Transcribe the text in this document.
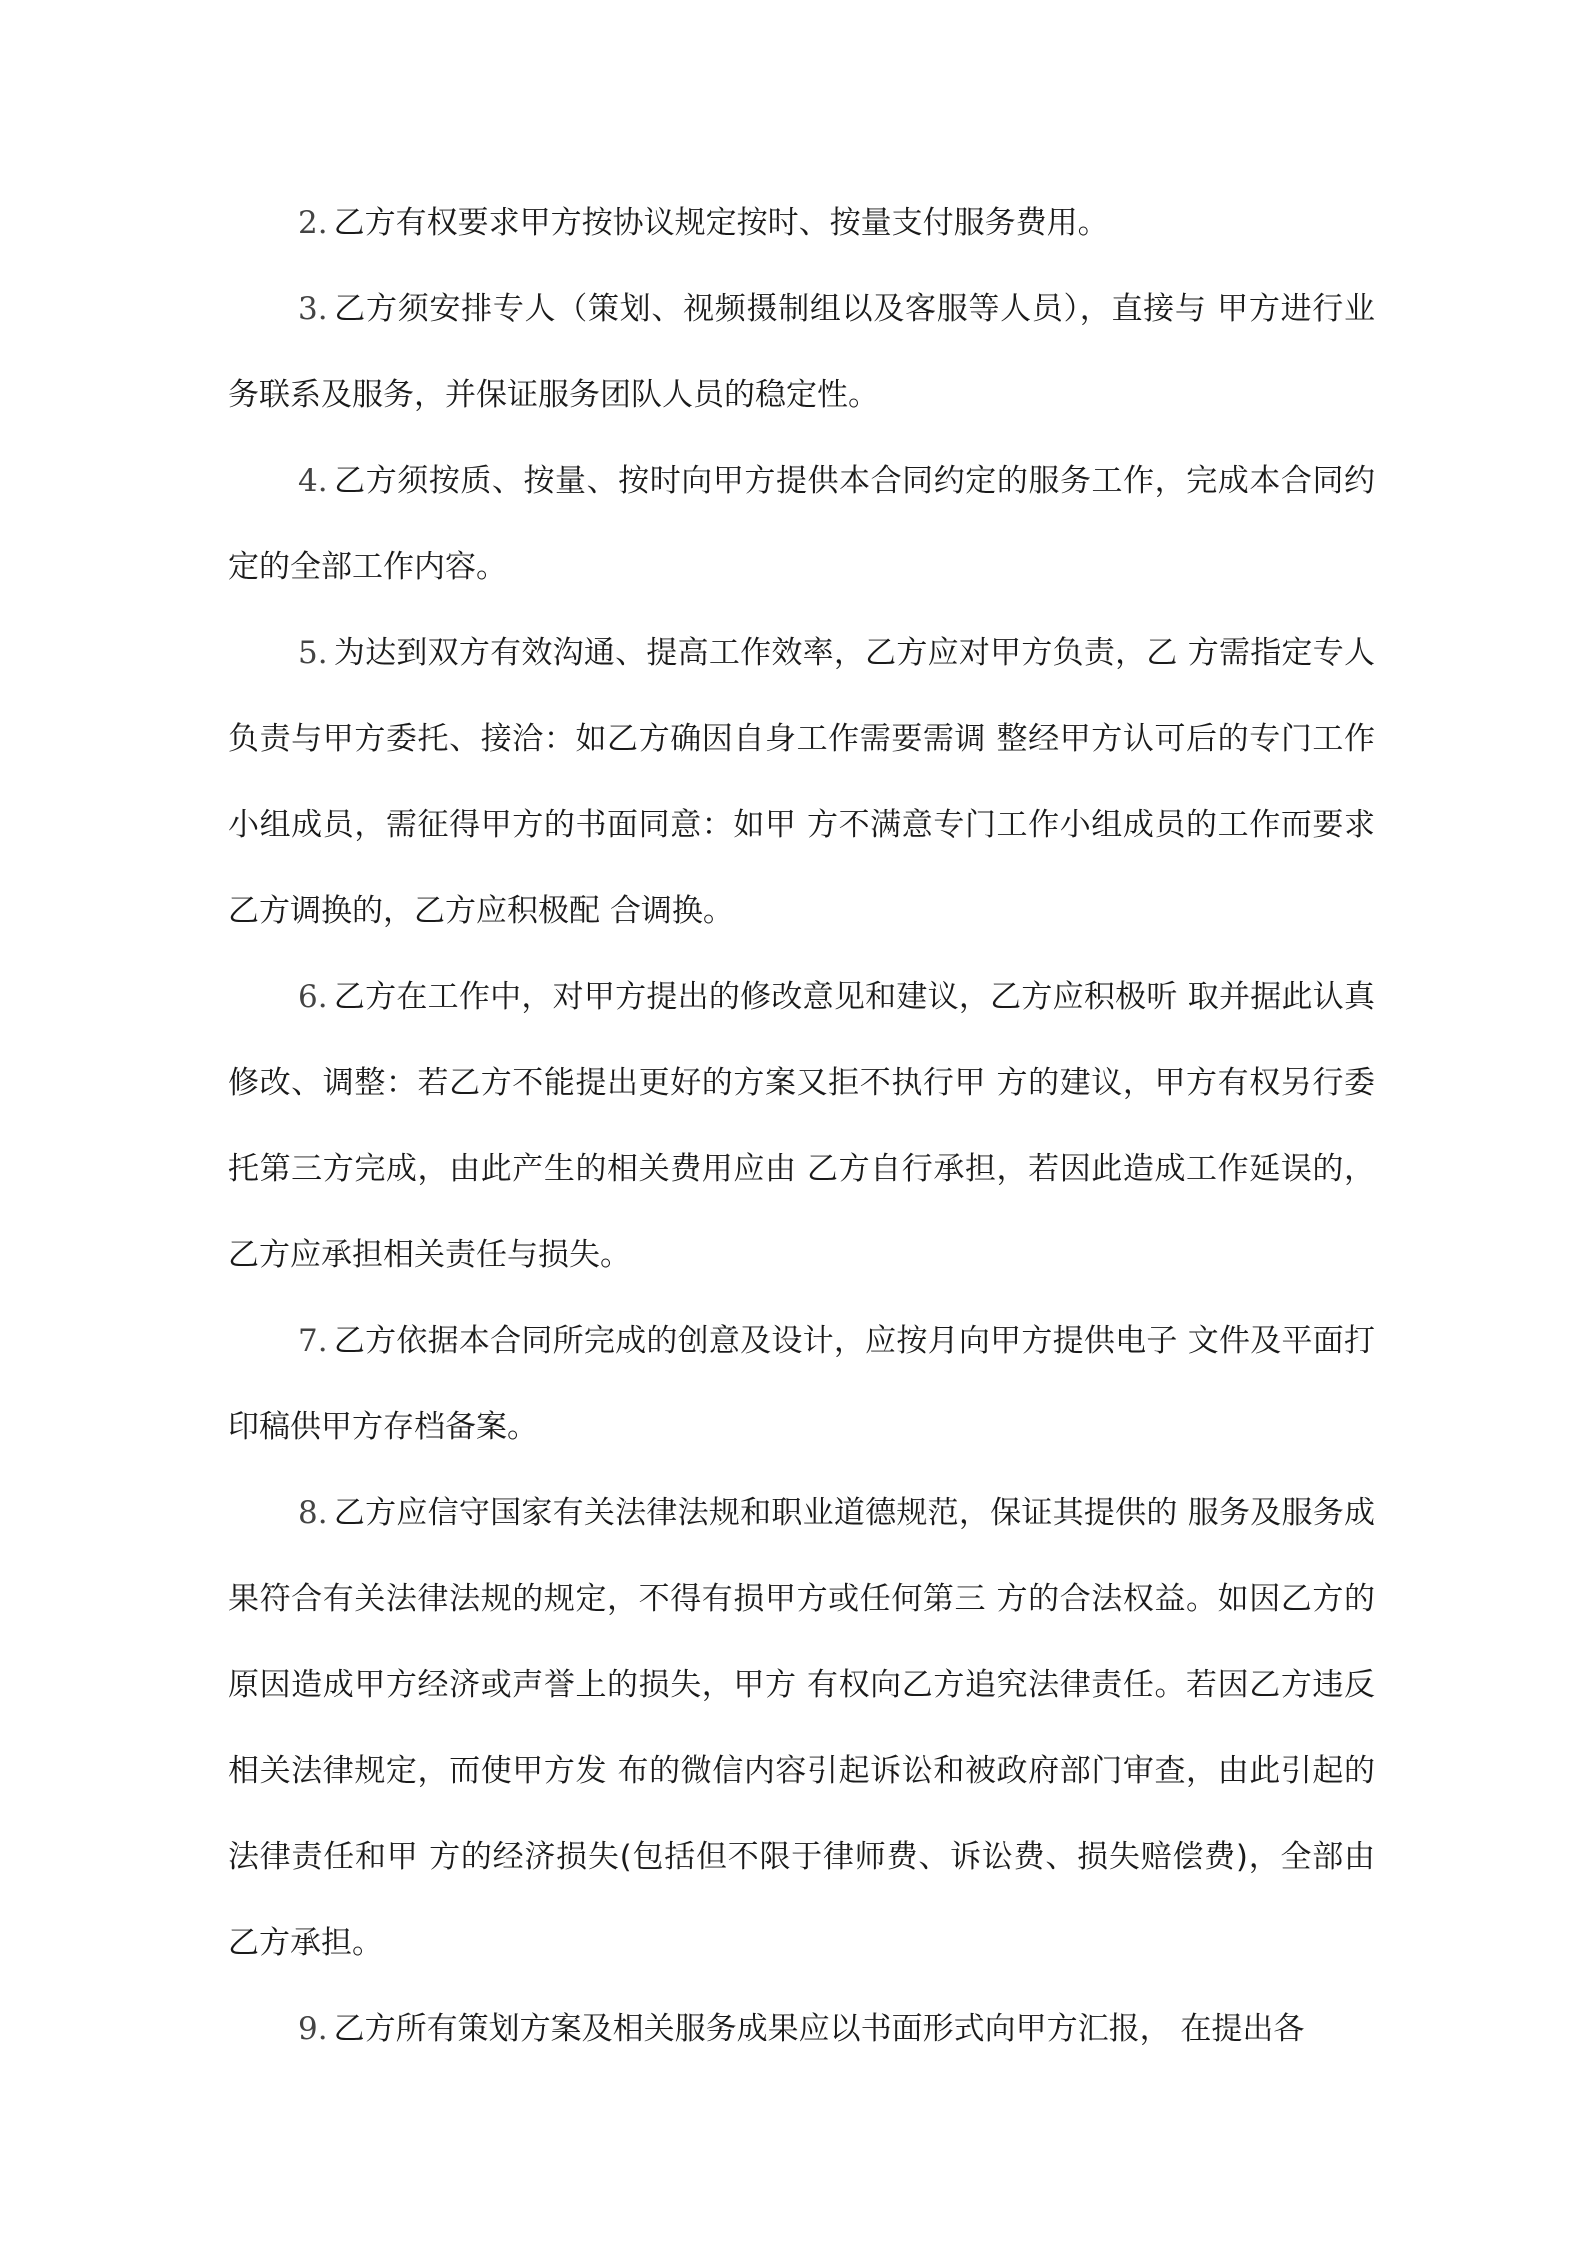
2. 乙方有权要求甲方按协议规定按时、按量支付服务费用。

3. 乙方须安排专人（策划、视频摄制组以及客服等人员），直接与 甲方进行业务联系及服务，并保证服务团队人员的稳定性。

4. 乙方须按质、按量、按时向甲方提供本合同约定的服务工作，完成本合同约定的全部工作内容。

5. 为达到双方有效沟通、提高工作效率，乙方应对甲方负责，乙 方需指定专人负责与甲方委托、接洽：如乙方确因自身工作需要需调 整经甲方认可后的专门工作小组成员，需征得甲方的书面同意：如甲 方不满意专门工作小组成员的工作而要求乙方调换的，乙方应积极配 合调换。

6. 乙方在工作中，对甲方提出的修改意见和建议，乙方应积极听 取并据此认真修改、调整：若乙方不能提出更好的方案又拒不执行甲 方的建议，甲方有权另行委托第三方完成，由此产生的相关费用应由 乙方自行承担，若因此造成工作延误的，乙方应承担相关责任与损失。

7. 乙方依据本合同所完成的创意及设计，应按月向甲方提供电子 文件及平面打印稿供甲方存档备案。

8. 乙方应信守国家有关法律法规和职业道德规范，保证其提供的 服务及服务成果符合有关法律法规的规定，不得有损甲方或任何第三 方的合法权益。如因乙方的原因造成甲方经济或声誉上的损失，甲方 有权向乙方追究法律责任。若因乙方违反相关法律规定，而使甲方发 布的微信内容引起诉讼和被政府部门审查，由此引起的法律责任和甲 方的经济损失(包括但不限于律师费、诉讼费、损失赔偿费)，全部由 乙方承担。

9. 乙方所有策划方案及相关服务成果应以书面形式向甲方汇报， 在提出各
